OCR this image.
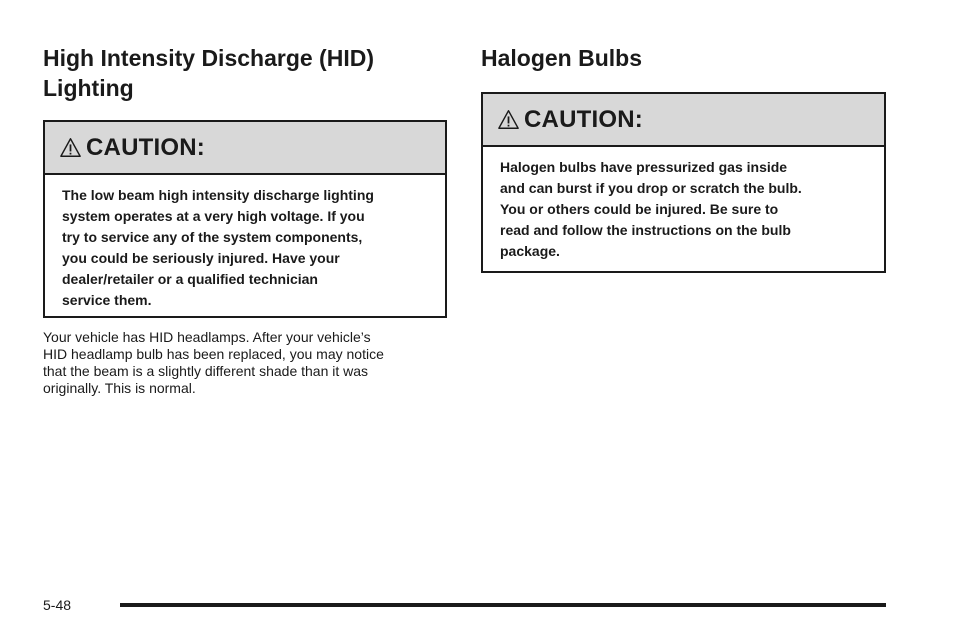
High Intensity Discharge (HID) Lighting
CAUTION:
The low beam high intensity discharge lighting
system operates at a very high voltage. If you
try to service any of the system components,
you could be seriously injured. Have your
dealer/retailer or a qualified technician
service them.
Your vehicle has HID headlamps. After your vehicle’s
HID headlamp bulb has been replaced, you may notice
that the beam is a slightly different shade than it was
originally. This is normal.
Halogen Bulbs
CAUTION:
Halogen bulbs have pressurized gas inside
and can burst if you drop or scratch the bulb.
You or others could be injured. Be sure to
read and follow the instructions on the bulb
package.
5-48
